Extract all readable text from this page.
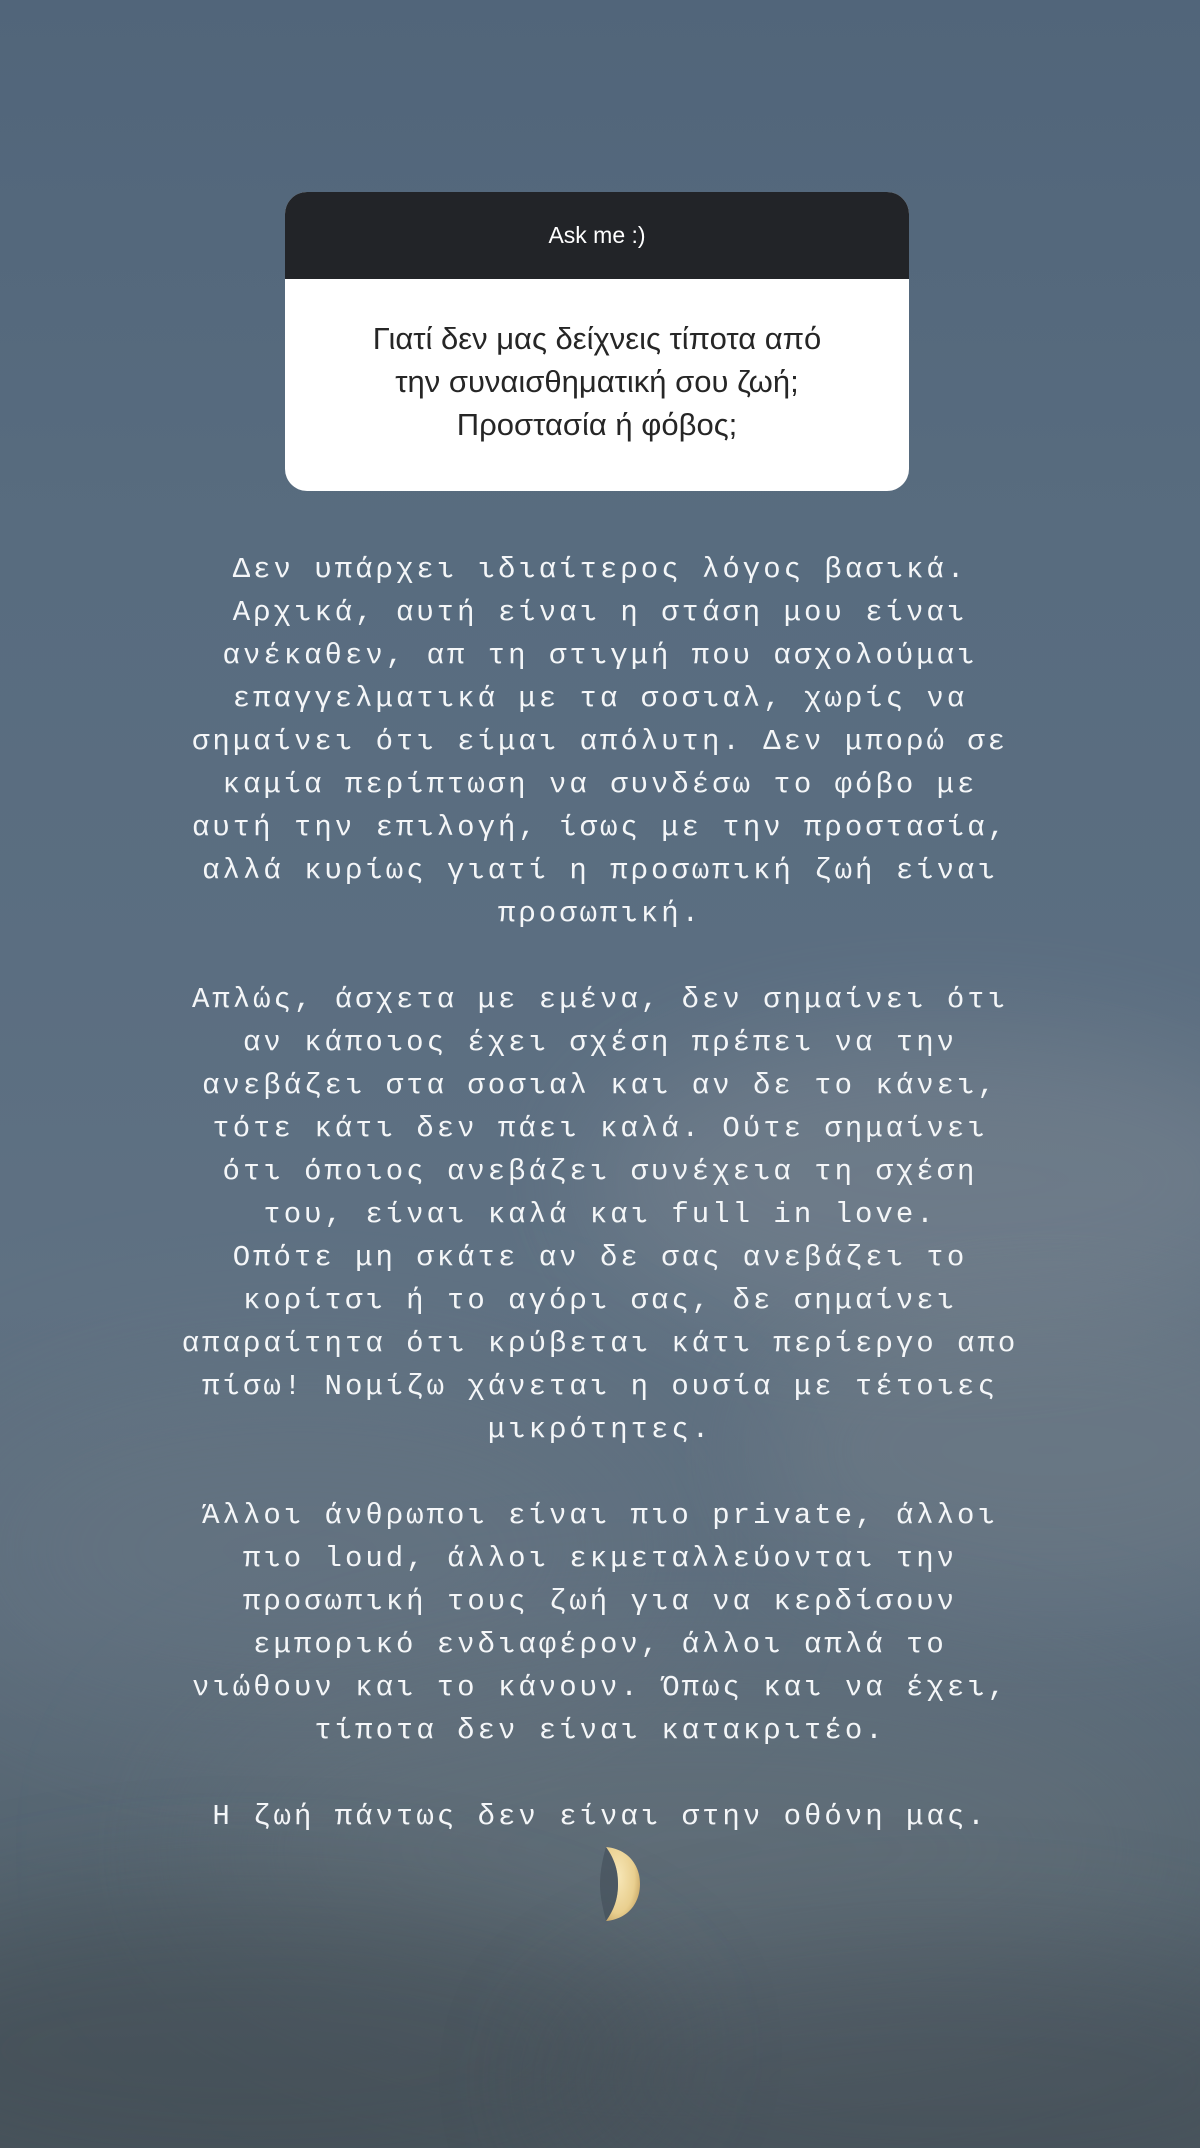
Ask me :)
Γιατί δεν μας δείχνεις τίποτα από
την συναισθηματική σου ζωή;
Προστασία ή φόβος;
Δεν υπάρχει ιδιαίτερος λόγος βασικά.
Αρχικά, αυτή είναι η στάση μου είναι
ανέκαθεν, απ τη στιγμή που ασχολούμαι
επαγγελματικά με τα σοσιαλ, χωρίς να
σημαίνει ότι είμαι απόλυτη. Δεν μπορώ σε
καμία περίπτωση να συνδέσω το φόβο με
αυτή την επιλογή, ίσως με την προστασία,
αλλά κυρίως γιατί η προσωπική ζωή είναι
προσωπική.
Απλώς, άσχετα με εμένα, δεν σημαίνει ότι
αν κάποιος έχει σχέση πρέπει να την
ανεβάζει στα σοσιαλ και αν δε το κάνει,
τότε κάτι δεν πάει καλά. Ούτε σημαίνει
ότι όποιος ανεβάζει συνέχεια τη σχέση
του, είναι καλά και full in love.
Οπότε μη σκάτε αν δε σας ανεβάζει το
κορίτσι ή το αγόρι σας, δε σημαίνει
απαραίτητα ότι κρύβεται κάτι περίεργο απο
πίσω! Νομίζω χάνεται η ουσία με τέτοιες
μικρότητες.
Άλλοι άνθρωποι είναι πιο private, άλλοι
πιο loud, άλλοι εκμεταλλεύονται την
προσωπική τους ζωή για να κερδίσουν
εμπορικό ενδιαφέρον, άλλοι απλά το
νιώθουν και το κάνουν. Όπως και να έχει,
τίποτα δεν είναι κατακριτέο.
Η ζωή πάντως δεν είναι στην οθόνη μας.
